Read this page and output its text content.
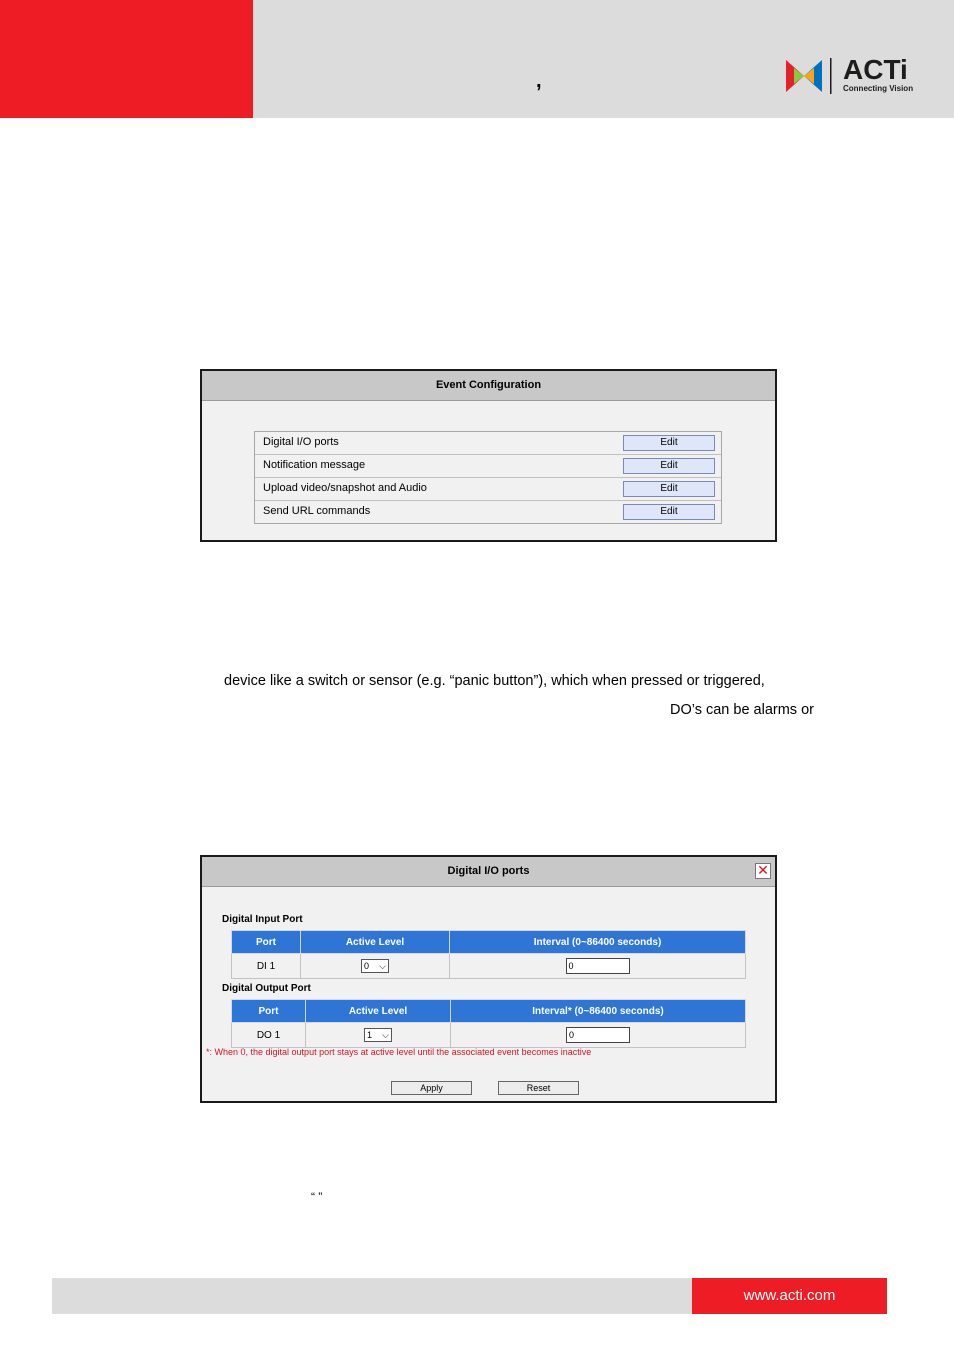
,	ACTi
Connecting Vision
Event Configuration
Digital I/O ports	Edit
Notification message	Edit
Upload video/snapshot and Audio	Edit
Send URL commands	Edit
device like a switch or sensor (e.g. “panic button”), which when pressed or triggered,
DO’s can be alarms or
Digital I/O ports	✕
Digital Input Port
Port	Active Level	Interval (0~86400 seconds)
DI 1	0 ⌵	0
Digital Output Port
Port	Active Level	Interval* (0~86400 seconds)
DO 1	1 ⌵	0
*: When 0, the digital output port stays at active level until the associated event becomes inactive
Apply	Reset
“ ”
www.acti.com
